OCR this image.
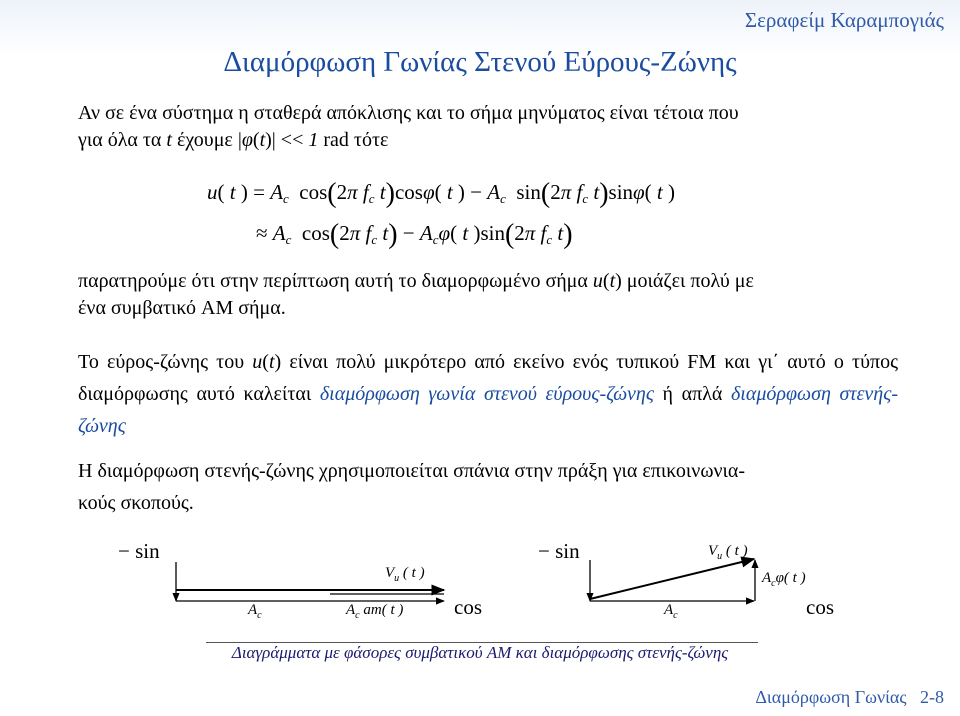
Σεραφείμ Καραμπογιάς
Διαμόρφωση Γωνίας Στενού Εύρους-Ζώνης
Αν σε ένα σύστημα η σταθερά απόκλισης και το σήμα μηνύματος είναι τέτοια που
για όλα τα t έχουμε |φ(t)| << 1 rad τότε
u( t ) = $A_c$  cos(2π $f_c$ t)cosφ( t ) − $A_c$  sin(2π $f_c$ t)sinφ( t )
≈ $A_c$  cos(2π $f_c$ $t) - A_c\varphi$( t )sin(2π $f_c$ t)
παρατηρούμε ότι στην περίπτωση αυτή το διαμορφωμένο σήμα u(t) μοιάζει πολύ με
ένα συμβατικό AM σήμα.
Το εύρος-ζώνης του u(t) είναι πολύ μικρότερο από εκείνο ενός τυπικού FM και γι΄ αυτό ο τύπος διαμόρφωσης αυτό καλείται διαμόρφωση γωνία στενού εύρους-ζώνης ή απλά διαμόρφωση στενής-ζώνης
Η διαμόρφωση στενής-ζώνης χρησιμοποιείται σπάνια στην πράξη για επικοινωνια-
κούς σκοπούς.
− sin
$V_u$ ( t )
$A_c$	$A_c$ am( t ) cos
− sin	$V_u$ ( t )
$A_c\varphi$( t )
$A_c$	cos
Διαγράμματα με φάσορες συμβατικού AM και διαμόρφωσης στενής-ζώνης
Διαμόρφωση Γωνίας 2-8
